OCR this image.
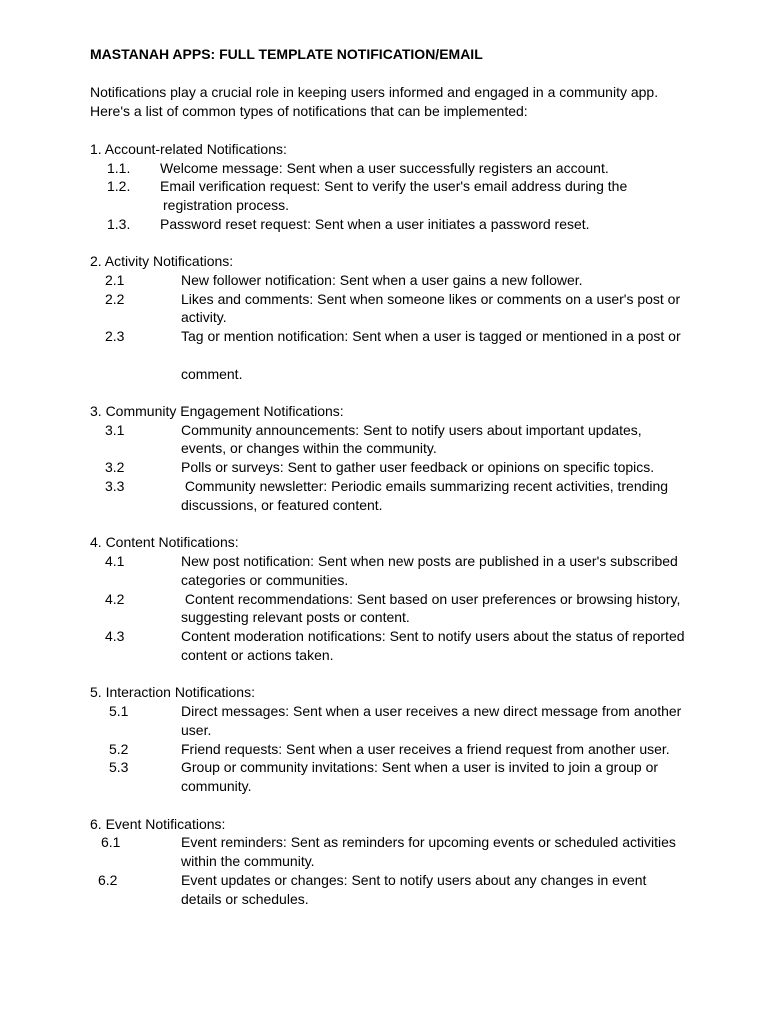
MASTANAH APPS: FULL TEMPLATE NOTIFICATION/EMAIL
Notifications play a crucial role in keeping users informed and engaged in a community app.
Here's a list of common types of notifications that can be implemented:
1. Account-related Notifications:
1.1. Welcome message: Sent when a user successfully registers an account.
1.2. Email verification request: Sent to verify the user's email address during the
registration process.
1.3. Password reset request: Sent when a user initiates a password reset.
2. Activity Notifications:
2.1	New follower notification: Sent when a user gains a new follower.
2.2	Likes and comments: Sent when someone likes or comments on a user's post or
activity.
2.3	Tag or mention notification: Sent when a user is tagged or mentioned in a post or
comment.
3. Community Engagement Notifications:
3.1	Community announcements: Sent to notify users about important updates,
events, or changes within the community.
3.2	Polls or surveys: Sent to gather user feedback or opinions on specific topics.
3.3	Community newsletter: Periodic emails summarizing recent activities, trending
discussions, or featured content.
4. Content Notifications:
4.1	New post notification: Sent when new posts are published in a user's subscribed
categories or communities.
4.2	Content recommendations: Sent based on user preferences or browsing history,
suggesting relevant posts or content.
4.3	Content moderation notifications: Sent to notify users about the status of reported
content or actions taken.
5. Interaction Notifications:
5.1	Direct messages: Sent when a user receives a new direct message from another
user.
5.2	Friend requests: Sent when a user receives a friend request from another user.
5.3	Group or community invitations: Sent when a user is invited to join a group or
community.
6. Event Notifications:
6.1	Event reminders: Sent as reminders for upcoming events or scheduled activities
within the community.
6.2	Event updates or changes: Sent to notify users about any changes in event
details or schedules.
